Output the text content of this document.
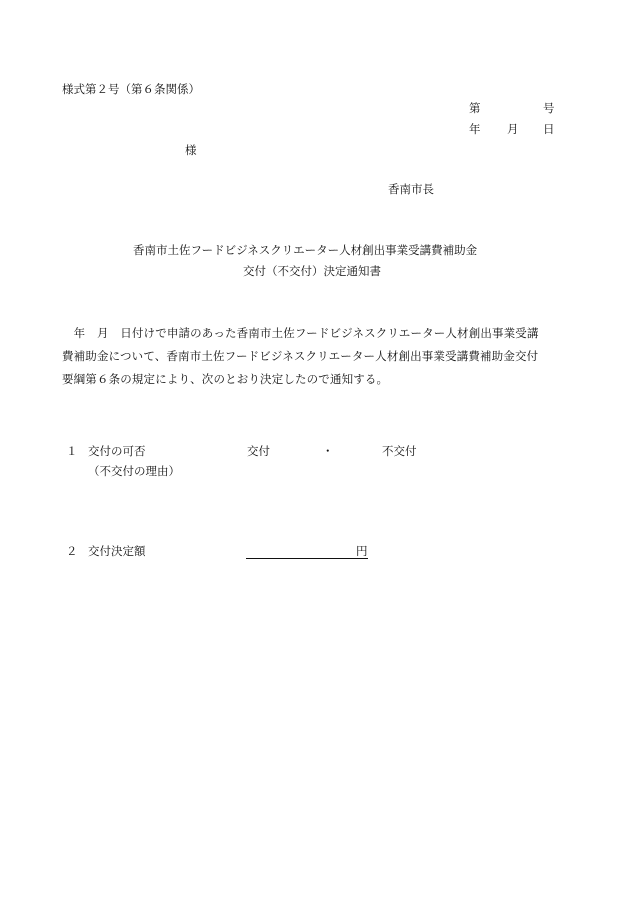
様式第２号（第６条関係）
第	号
年 月 日
様
香南市長
香南市土佐フードビジネスクリエーター人材創出事業受講費補助金
交付（不交付）決定通知書
　年　月　日付けで申請のあった香南市土佐フードビジネスクリエーター人材創出事業受講
費補助金について、香南市土佐フードビジネスクリエーター人材創出事業受講費補助金交付
要綱第６条の規定により、次のとおり決定したので通知する。
１ 交付の可否	交付	・	不交付
（不交付の理由）
２ 交付決定額	円
